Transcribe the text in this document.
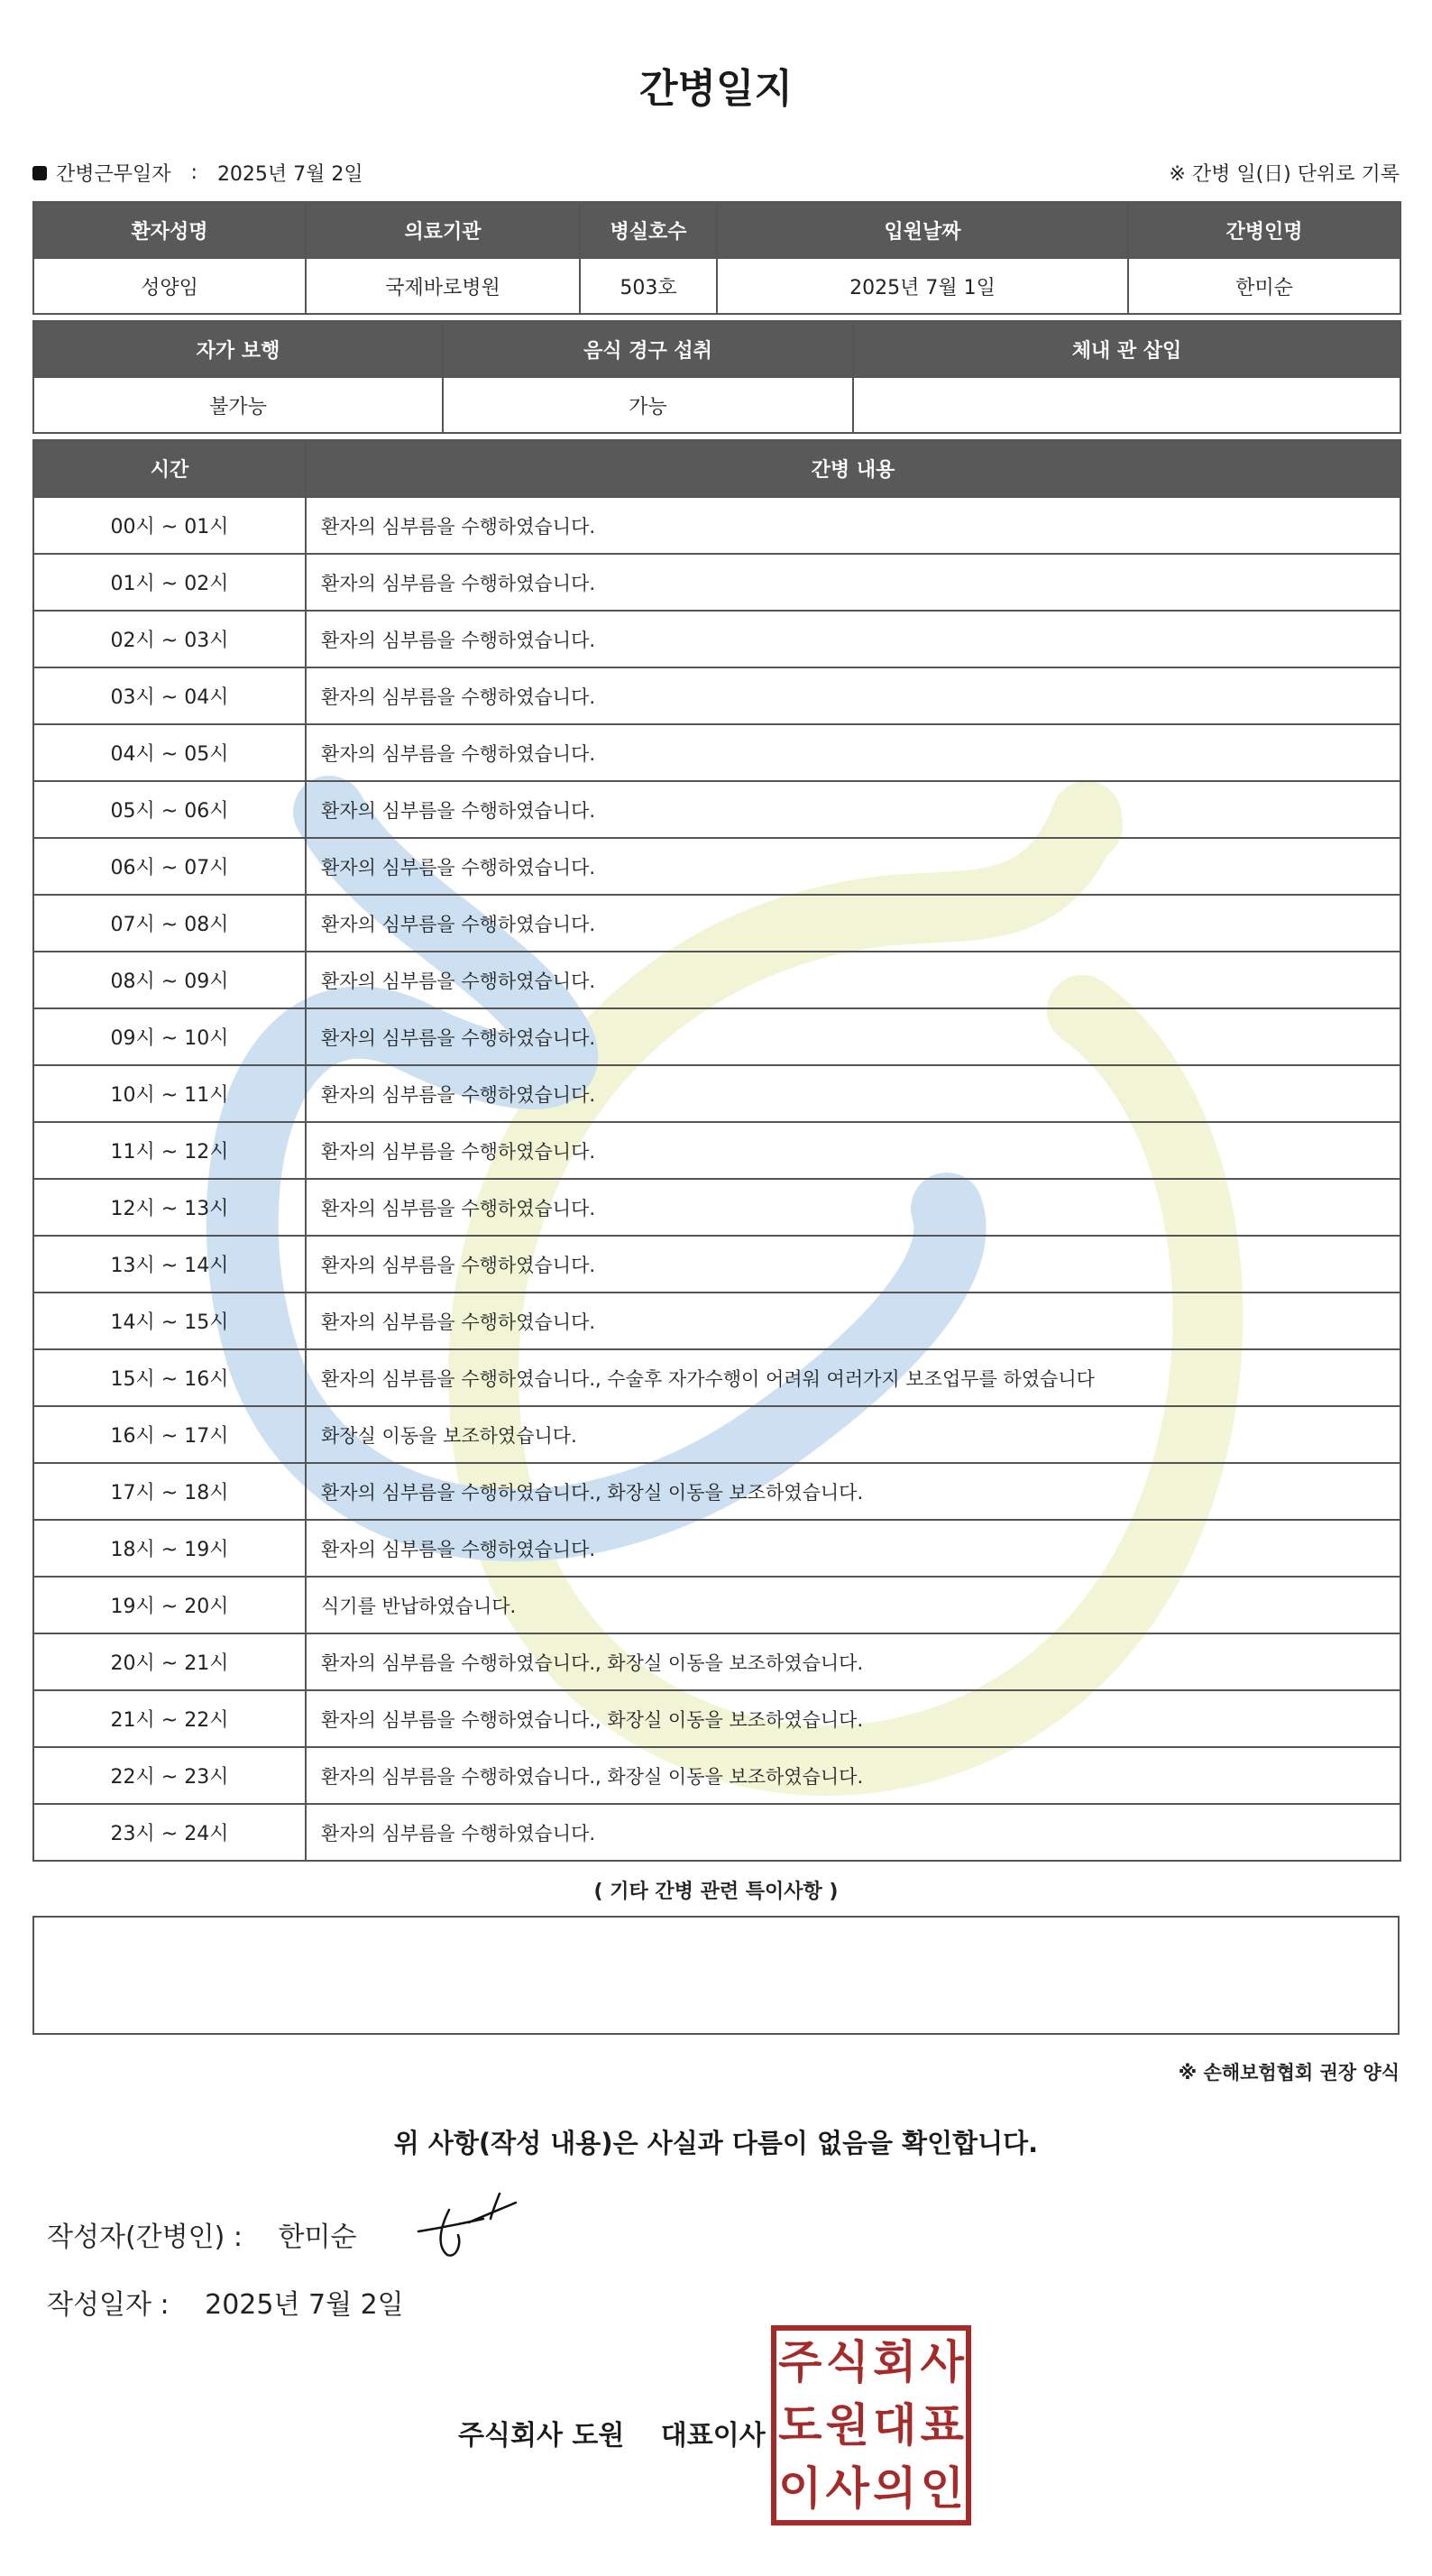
간병일지
간병근무일자 : 2025년 7월 2일	※ 간병 일(日) 단위로 기록
환자성명	의료기관	병실호수	입원날짜	간병인명
성양임	국제바로병원	503호	2025년 7월 1일	한미순
자가 보행	음식 경구 섭취	체내 관 삽입
불가능	가능	
시간	간병 내용
00시 ~ 01시	환자의 심부름을 수행하였습니다.
01시 ~ 02시	환자의 심부름을 수행하였습니다.
02시 ~ 03시	환자의 심부름을 수행하였습니다.
03시 ~ 04시	환자의 심부름을 수행하였습니다.
04시 ~ 05시	환자의 심부름을 수행하였습니다.
05시 ~ 06시	환자의 심부름을 수행하였습니다.
06시 ~ 07시	환자의 심부름을 수행하였습니다.
07시 ~ 08시	환자의 심부름을 수행하였습니다.
08시 ~ 09시	환자의 심부름을 수행하였습니다.
09시 ~ 10시	환자의 심부름을 수행하였습니다.
10시 ~ 11시	환자의 심부름을 수행하였습니다.
11시 ~ 12시	환자의 심부름을 수행하였습니다.
12시 ~ 13시	환자의 심부름을 수행하였습니다.
13시 ~ 14시	환자의 심부름을 수행하였습니다.
14시 ~ 15시	환자의 심부름을 수행하였습니다.
15시 ~ 16시	환자의 심부름을 수행하였습니다., 수술후 자가수행이 어려워 여러가지 보조업무를 하였습니다
16시 ~ 17시	화장실 이동을 보조하였습니다.
17시 ~ 18시	환자의 심부름을 수행하였습니다., 화장실 이동을 보조하였습니다.
18시 ~ 19시	환자의 심부름을 수행하였습니다.
19시 ~ 20시	식기를 반납하였습니다.
20시 ~ 21시	환자의 심부름을 수행하였습니다., 화장실 이동을 보조하였습니다.
21시 ~ 22시	환자의 심부름을 수행하였습니다., 화장실 이동을 보조하였습니다.
22시 ~ 23시	환자의 심부름을 수행하였습니다., 화장실 이동을 보조하였습니다.
23시 ~ 24시	환자의 심부름을 수행하였습니다.
( 기타 간병 관련 특이사항 )
※ 손해보험협회 권장 양식
위 사항(작성 내용)은 사실과 다름이 없음을 확인합니다.
작성자(간병인) : 한미순
작성일자 : 2025년 7월 2일
주식회사 도원 대표이사
주 식 회 사
도 원 대 표
이 사 의 인
